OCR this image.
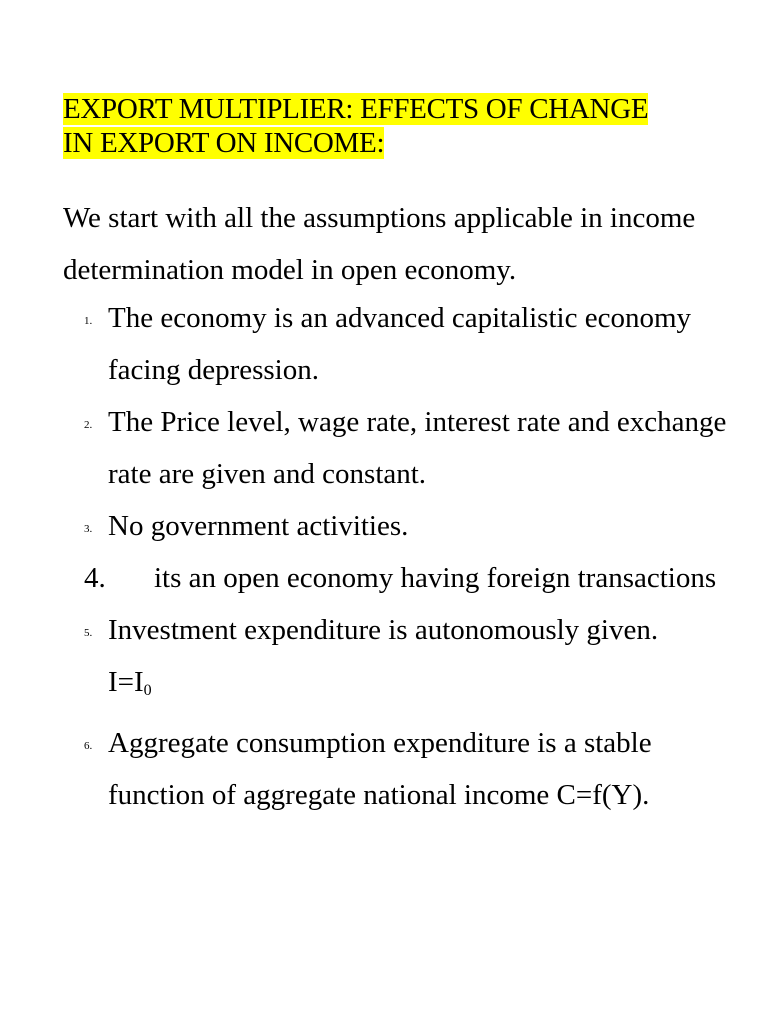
EXPORT MULTIPLIER: EFFECTS OF CHANGE
IN EXPORT ON INCOME:

We start with all the assumptions applicable in income determination model in open economy.

1. The economy is an advanced capitalistic economy facing depression.
2. The Price level, wage rate, interest rate and exchange rate are given and constant.
3. No government activities.
4. its an open economy having foreign transactions
5. Investment expenditure is autonomously given.
$I=I_0$
6. Aggregate consumption expenditure is a stable function of aggregate national income C=f(Y).
